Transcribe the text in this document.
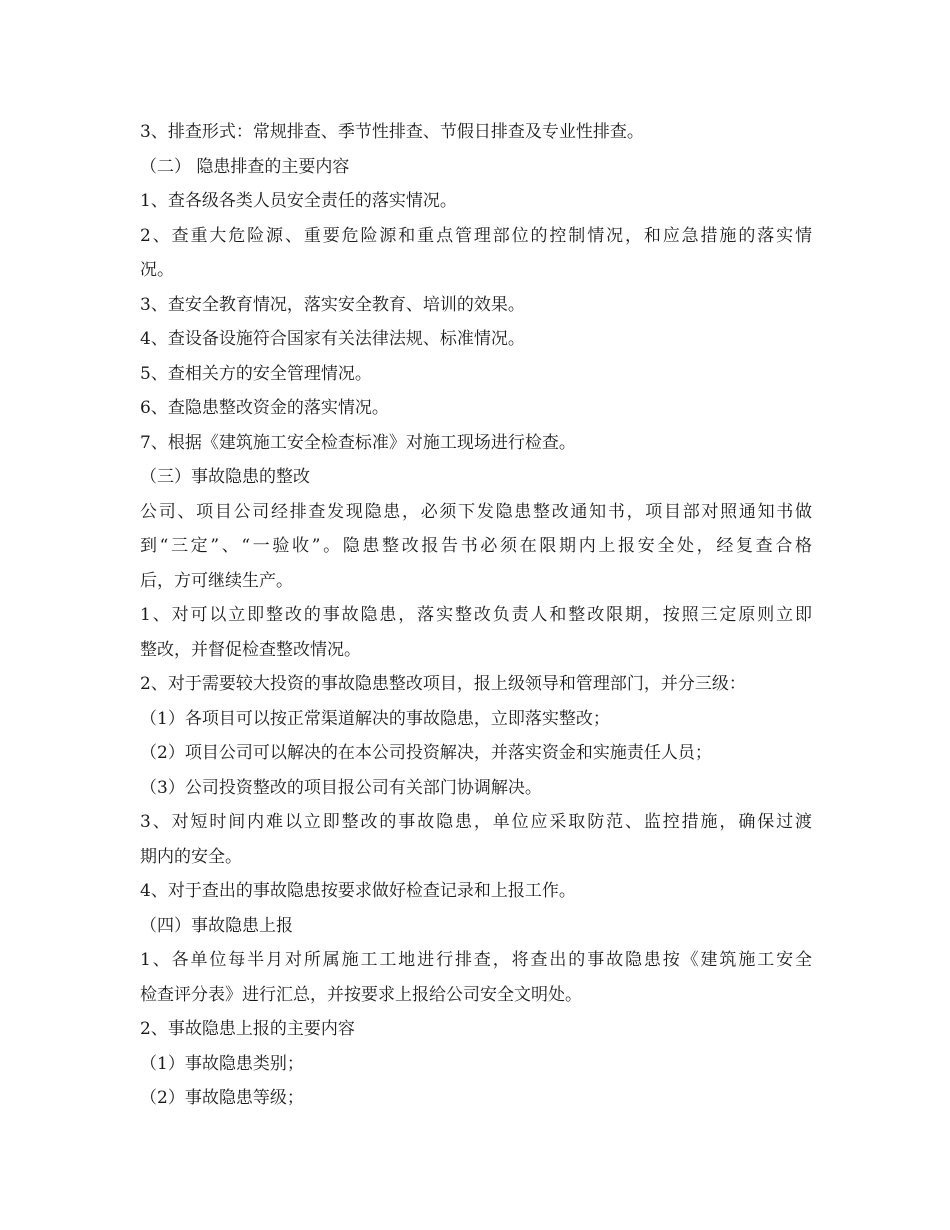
3、排查形式：常规排查、季节性排查、节假日排查及专业性排查。
（二） 隐患排查的主要内容
1、查各级各类人员安全责任的落实情况。
2、查重大危险源、重要危险源和重点管理部位的控制情况，和应急措施的落实情
况。
3、查安全教育情况，落实安全教育、培训的效果。
4、查设备设施符合国家有关法律法规、标准情况。
5、查相关方的安全管理情况。
6、查隐患整改资金的落实情况。
7、根据《建筑施工安全检查标准》对施工现场进行检查。
（三）事故隐患的整改
公司、项目公司经排查发现隐患，必须下发隐患整改通知书，项目部对照通知书做
到“三定”、“一验收”。隐患整改报告书必须在限期内上报安全处，经复查合格
后，方可继续生产。
1、对可以立即整改的事故隐患，落实整改负责人和整改限期，按照三定原则立即
整改，并督促检查整改情况。
2、对于需要较大投资的事故隐患整改项目，报上级领导和管理部门，并分三级：
（1）各项目可以按正常渠道解决的事故隐患，立即落实整改；
（2）项目公司可以解决的在本公司投资解决，并落实资金和实施责任人员；
（3）公司投资整改的项目报公司有关部门协调解决。
3、对短时间内难以立即整改的事故隐患，单位应采取防范、监控措施，确保过渡
期内的安全。
4、对于查出的事故隐患按要求做好检查记录和上报工作。
（四）事故隐患上报
1、各单位每半月对所属施工工地进行排查，将查出的事故隐患按《建筑施工安全
检查评分表》进行汇总，并按要求上报给公司安全文明处。
2、事故隐患上报的主要内容
（1）事故隐患类别；
（2）事故隐患等级；
